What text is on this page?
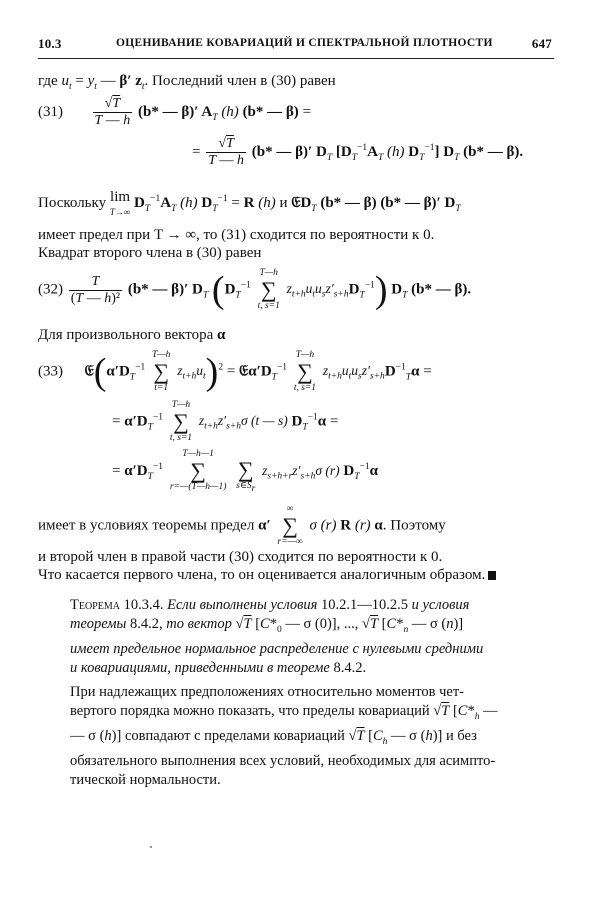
10.3	ОЦЕНИВАНИЕ КОВАРИАЦИЙ И СПЕКТРАЛЬНОЙ ПЛОТНОСТИ	647
где $u_t = y_t$ — β′ $z_t$. Последний член в (30) равен
$(31) \frac{√T}{T — h} (b*$ — β)′ $A_T$ (h) (b* — β) =
= $\frac{√T}{T — h} (b*$ — β)′ $D_T$ [$D_T^{-1}A_T$ (h) $D_T^{-1}$] $D_T$ (b* — β).
Поскольку lim
T→∞ $D_T^{-1}A_T$ (h) $D_T^{-1} = R$ (h) и 𝔈D$_T$ (b* — β) (b* — β)′ $D_T$
имеет предел при T → ∞, то (31) сходится по вероятности к 0.
Квадрат второго члена в (30) равен
$(32) \frac{T}{\text{(T — h)²}} (b*$ — β)′ $D_T$ ($D_T^{-1}$
T—h
∑
t, s=1
$z_{t+h}u_tu_sz'_{s+h}D_T^{-1}$) $D_T$ (b* — β).
Для произвольного вектора α
(33) $𝔈(\alpha'D_T^{-1}$
T—h
∑
t=1
$z_{t+h}u_t)^2$ = $𝔈\alpha'D_T^{-1}$
T—h
∑
t, s=1
$z_{t+h}u_tu_sz'_{s+h}D^{-1}_T\alpha$ =
= $\alpha'D_T^{-1}$
T—h
∑
t, s=1
$z_{t+h}z'_{s+h}\sigma$ (t — s) $D_T^{-1}\alpha$ =
= $\alpha'D_T^{-1}$
T—h—1
∑
r=—(T—h—1)

∑
$s\in S_r$
$z_{s+h+r}z'_{s+h}\sigma$ (r) $D_T^{-1}\alpha$
имеет в условиях теоремы предел α′
∞
∑
r=—∞
σ (r) R (r) α. Поэтому
и второй член в правой части (30) сходится по вероятности к 0.
Что касается первого члена, то он оценивается аналогичным образом.
Теорема 10.3.4. Если выполнены условия 10.2.1—10.2.5 и условия
теоремы 8.4.2, то вектор √T [$C*_0$ — σ (0)], ..., √T [$C*_n$ — σ (n)]
имеет предельное нормальное распределение с нулевыми средними
и ковариациями, приведенными в теореме 8.4.2.
При надлежащих предположениях относительно моментов чет-
вертого порядка можно показать, что пределы ковариаций √T [$C*_h$ —
— σ (h)] совпадают с пределами ковариаций √T [$C_h$ — σ (h)] и без
обязательного выполнения всех условий, необходимых для асимпто-
тической нормальности.
